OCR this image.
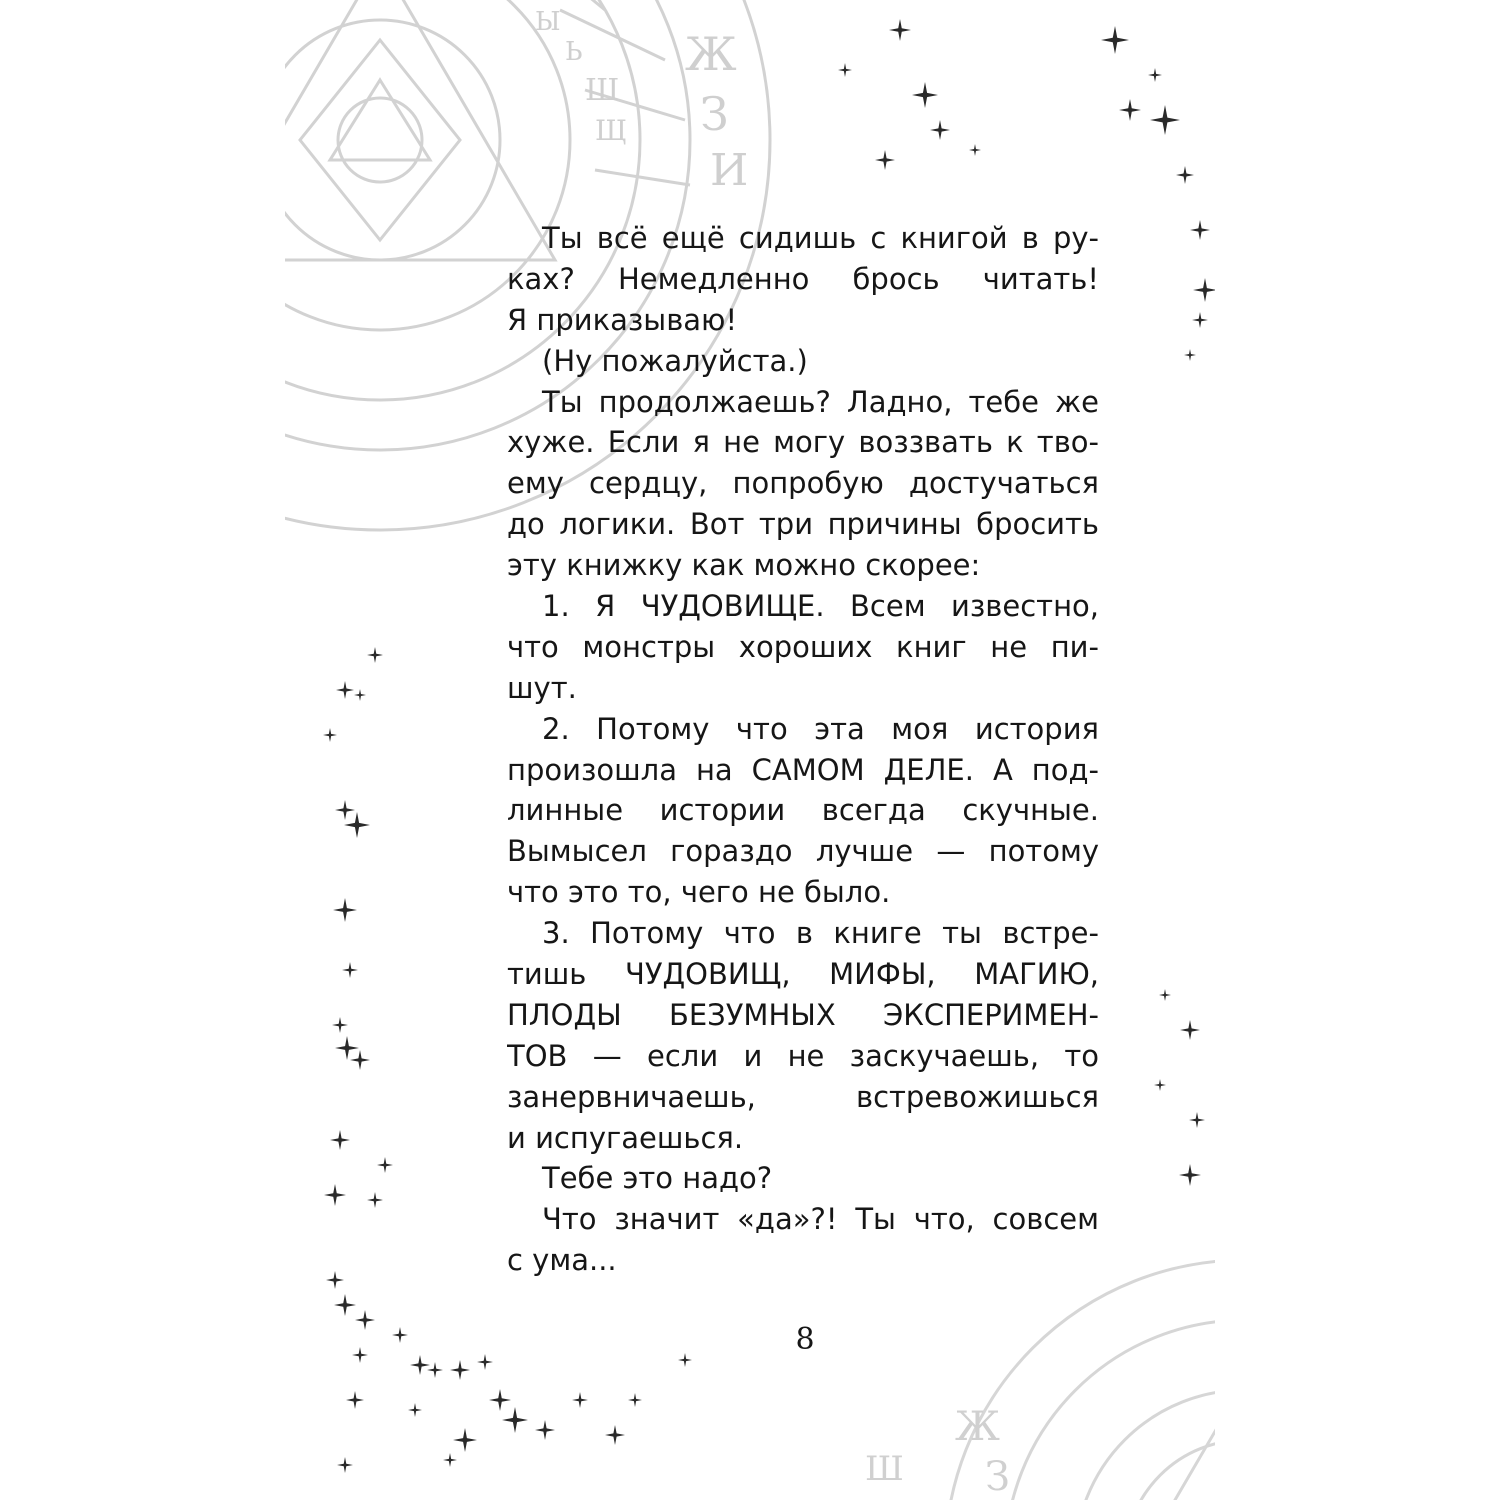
Ж
З
И
Ш
Щ
Ь
Ы
Ж
З
Ш
Ты всё ещё сидишь с книгой в ру-
ках? Немедленно брось читать!
Я приказываю!
(Ну пожалуйста.)
Ты продолжаешь? Ладно, тебе же
хуже. Если я не могу воззвать к тво-
ему сердцу, попробую достучаться
до логики. Вот три причины бросить
эту книжку как можно скорее:
1. Я ЧУДОВИЩЕ. Всем известно,
что монстры хороших книг не пи-
шут.
2. Потому что эта моя история
произошла на САМОМ ДЕЛЕ. А под-
линные истории всегда скучные.
Вымысел гораздо лучше — потому
что это то, чего не было.
3. Потому что в книге ты встре-
тишь ЧУДОВИЩ, МИФЫ, МАГИЮ,
ПЛОДЫ БЕЗУМНЫХ ЭКСПЕРИМЕН-
ТОВ — если и не заскучаешь, то
занервничаешь, встревожишься
и испугаешься.
Тебе это надо?
Что значит «да»?! Ты что, совсем
с ума...
8
